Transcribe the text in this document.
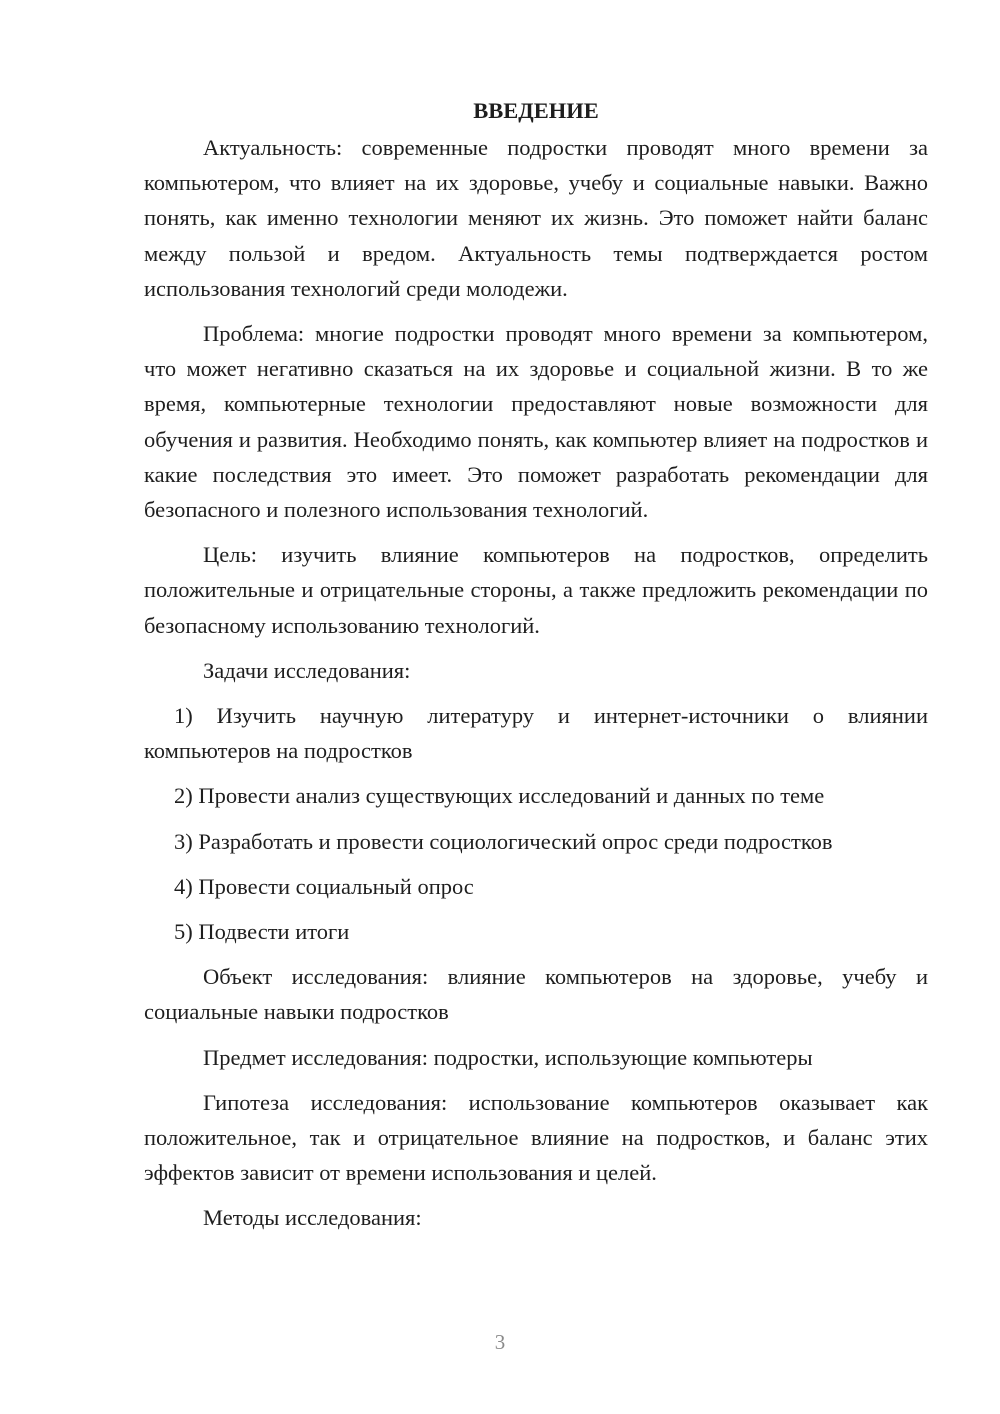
ВВЕДЕНИЕ

Актуальность: современные подростки проводят много времени за компьютером, что влияет на их здоровье, учебу и социальные навыки. Важно понять, как именно технологии меняют их жизнь. Это поможет найти баланс между пользой и вредом. Актуальность темы подтверждается ростом использования технологий среди молодежи.

Проблема: многие подростки проводят много времени за компьютером, что может негативно сказаться на их здоровье и социальной жизни. В то же время, компьютерные технологии предоставляют новые возможности для обучения и развития. Необходимо понять, как компьютер влияет на подростков и какие последствия это имеет. Это поможет разработать рекомендации для безопасного и полезного использования технологий.

Цель: изучить влияние компьютеров на подростков, определить положительные и отрицательные стороны, а также предложить рекомендации по безопасному использованию технологий.

Задачи исследования:

1) Изучить научную литературу и интернет-источники о влиянии компьютеров на подростков

2) Провести анализ существующих исследований и данных по теме

3) Разработать и провести социологический опрос среди подростков

4) Провести социальный опрос

5) Подвести итоги

Объект исследования: влияние компьютеров на здоровье, учебу и социальные навыки подростков

Предмет исследования: подростки, использующие компьютеры

Гипотеза исследования: использование компьютеров оказывает как положительное, так и отрицательное влияние на подростков, и баланс этих эффектов зависит от времени использования и целей.

Методы исследования:

3
